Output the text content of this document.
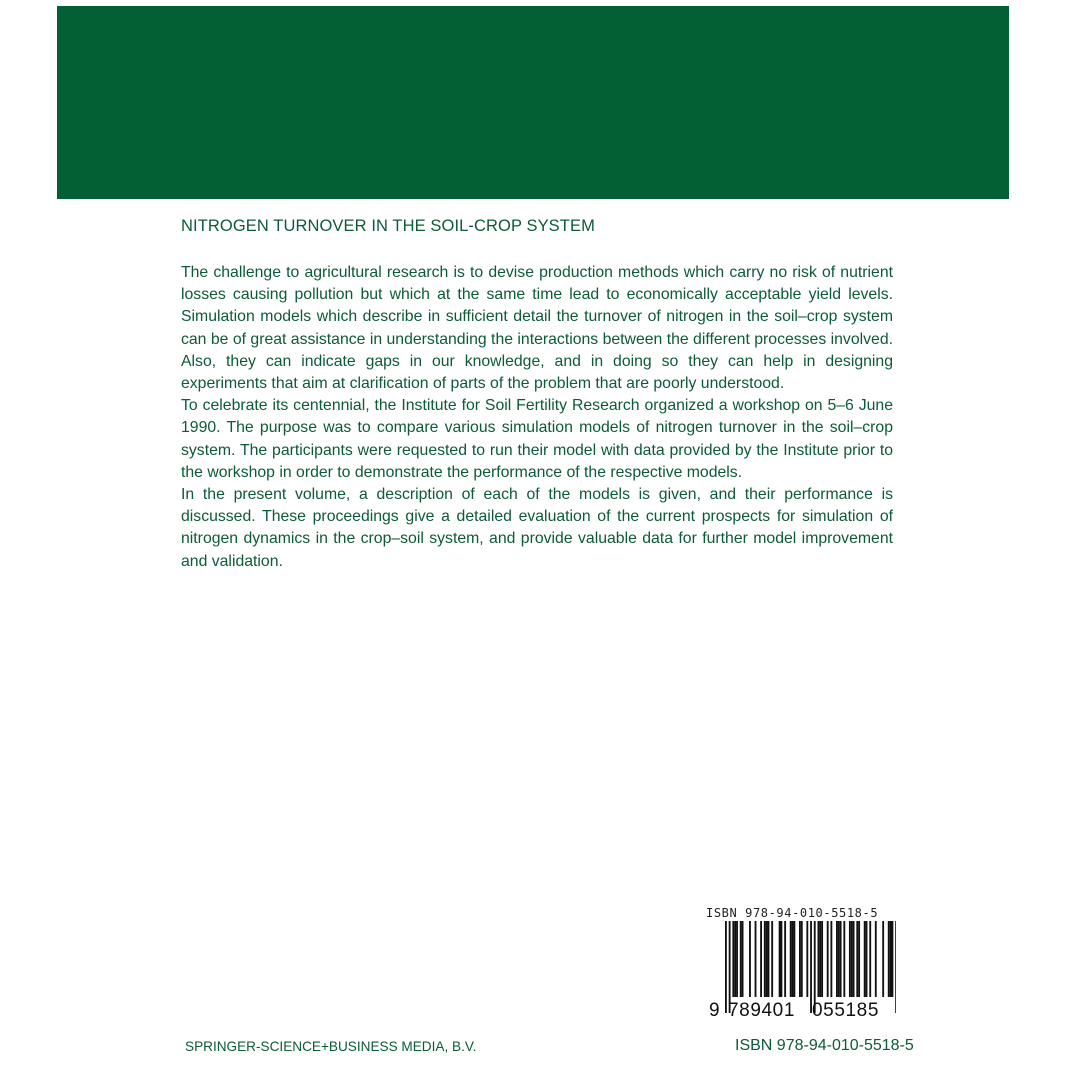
NITROGEN TURNOVER IN THE SOIL-CROP SYSTEM

The challenge to agricultural research is to devise production methods which carry no risk of nutrient losses causing pollution but which at the same time lead to economically acceptable yield levels. Simulation models which describe in sufficient detail the turnover of nitrogen in the soil–crop system can be of great assistance in understanding the interactions between the different processes involved. Also, they can indicate gaps in our knowledge, and in doing so they can help in designing experiments that aim at clarification of parts of the problem that are poorly understood.

To celebrate its centennial, the Institute for Soil Fertility Research organized a workshop on 5–6 June 1990. The purpose was to compare various simulation models of nitrogen turnover in the soil–crop system. The participants were requested to run their model with data provided by the Institute prior to the workshop in order to demonstrate the performance of the respective models.

In the present volume, a description of each of the models is given, and their performance is discussed. These proceedings give a detailed evaluation of the current prospects for simulation of nitrogen dynamics in the crop–soil system, and provide valuable data for further model improvement and validation.

ISBN 978-94-010-5518-5
9 789401 055185
SPRINGER-SCIENCE+BUSINESS MEDIA, B.V.	ISBN 978-94-010-5518-5
